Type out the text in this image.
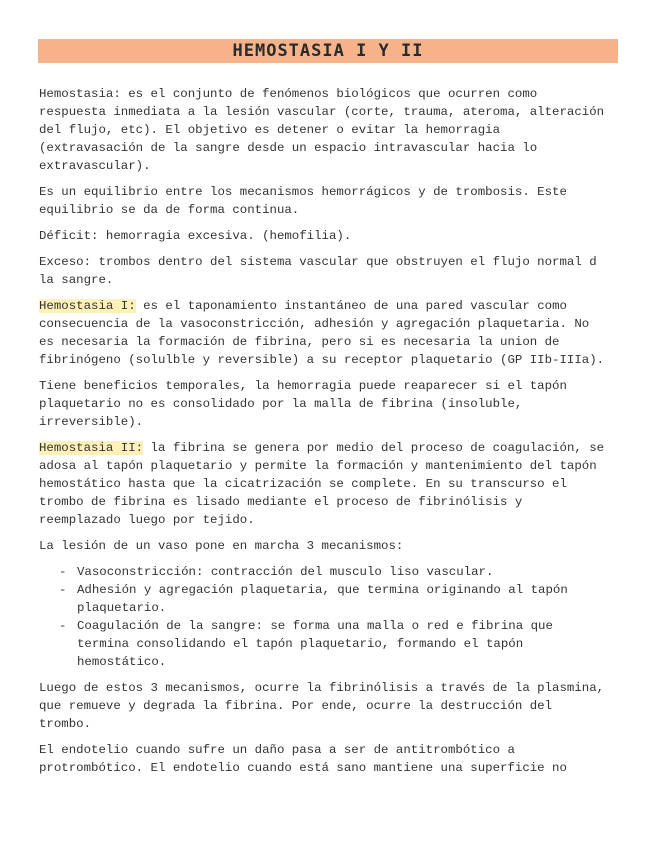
HEMOSTASIA I Y II

Hemostasia: es el conjunto de fenómenos biológicos que ocurren como
respuesta inmediata a la lesión vascular (corte, trauma, ateroma, alteración
del flujo, etc). El objetivo es detener o evitar la hemorragia
(extravasación de la sangre desde un espacio intravascular hacia lo
extravascular).

Es un equilibrio entre los mecanismos hemorrágicos y de trombosis. Este
equilibrio se da de forma continua.

Déficit: hemorragia excesiva. (hemofilia).

Exceso: trombos dentro del sistema vascular que obstruyen el flujo normal d
la sangre.

Hemostasia I: es el taponamiento instantáneo de una pared vascular como
consecuencia de la vasoconstricción, adhesión y agregación plaquetaria. No
es necesaria la formación de fibrina, pero si es necesaria la union de
fibrinógeno (solulble y reversible) a su receptor plaquetario (GP IIb-IIIa).

Tiene beneficios temporales, la hemorragia puede reaparecer si el tapón
plaquetario no es consolidado por la malla de fibrina (insoluble,
irreversible).

Hemostasia II: la fibrina se genera por medio del proceso de coagulación, se
adosa al tapón plaquetario y permite la formación y mantenimiento del tapón
hemostático hasta que la cicatrización se complete. En su transcurso el
trombo de fibrina es lisado mediante el proceso de fibrinólisis y
reemplazado luego por tejido.

La lesión de un vaso pone en marcha 3 mecanismos:

- Vasoconstricción: contracción del musculo liso vascular.
- Adhesión y agregación plaquetaria, que termina originando al tapón
plaquetario.
- Coagulación de la sangre: se forma una malla o red e fibrina que
termina consolidando el tapón plaquetario, formando el tapón
hemostático.

Luego de estos 3 mecanismos, ocurre la fibrinólisis a través de la plasmina,
que remueve y degrada la fibrina. Por ende, ocurre la destrucción del
trombo.

El endotelio cuando sufre un daño pasa a ser de antitrombótico a
protrombótico. El endotelio cuando está sano mantiene una superficie no
